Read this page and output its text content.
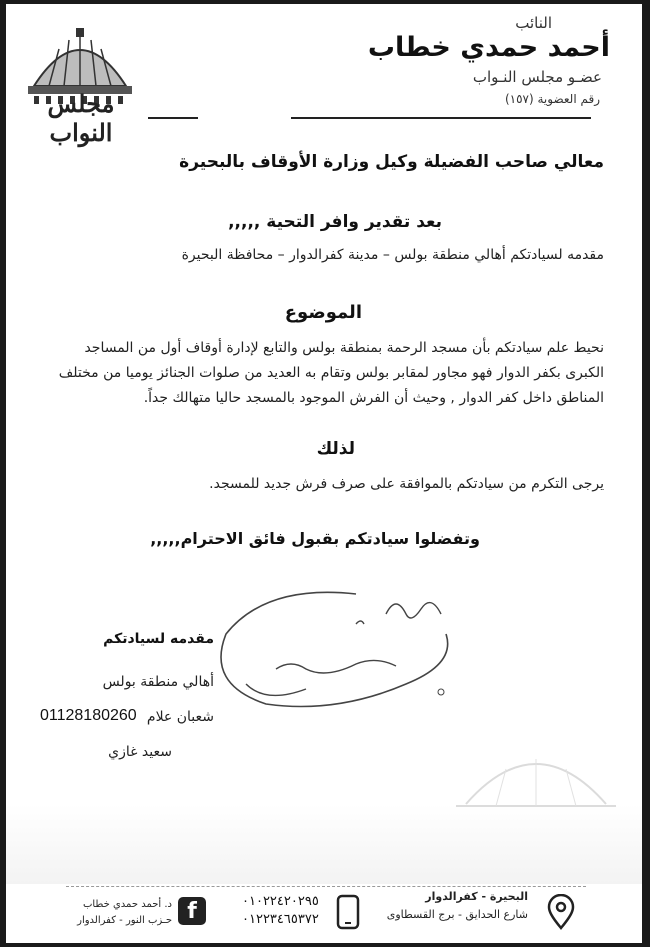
مجلس النواب
النائب
أحمد حمدي خطاب
عضـو مجلس النـواب
رقم العضوية (١٥٧)
معالي صاحب الفضيلة وكيل وزارة الأوقاف بالبحيرة
بعد تقدير وافر التحية ,,,,,
مقدمه لسيادتكم أهالي منطقة بولس – مدينة كفرالدوار – محافظة البحيرة
الموضوع
نحيط علم سيادتكم بأن مسجد الرحمة بمنطقة بولس والتابع لإدارة أوقاف أول من المساجد الكبرى بكفر الدوار فهو مجاور لمقابر بولس وتقام به العديد من صلوات الجنائز يوميا من مختلف المناطق داخل كفر الدوار , وحيث أن الفرش الموجود بالمسجد حاليا متهالك جداً.
لذلك
يرجى التكرم من سيادتكم بالموافقة على صرف فرش جديد للمسجد.
وتفضلوا سيادتكم بقبول فائق الاحترام,,,,,
مقدمه لسيادتكم
أهالي منطقة بولس
شعبان علام
01128180260
سعيد غازي
البحيرة - كفرالدوار
شارع الحدايق - برج القسطاوى
٠١٠٢٢٤٢٠٢٩٥
٠١٢٢٣٤٦٥٣٧٢
f
د. أحمد حمدي خطاب
حـزب النور - كفرالدوار
